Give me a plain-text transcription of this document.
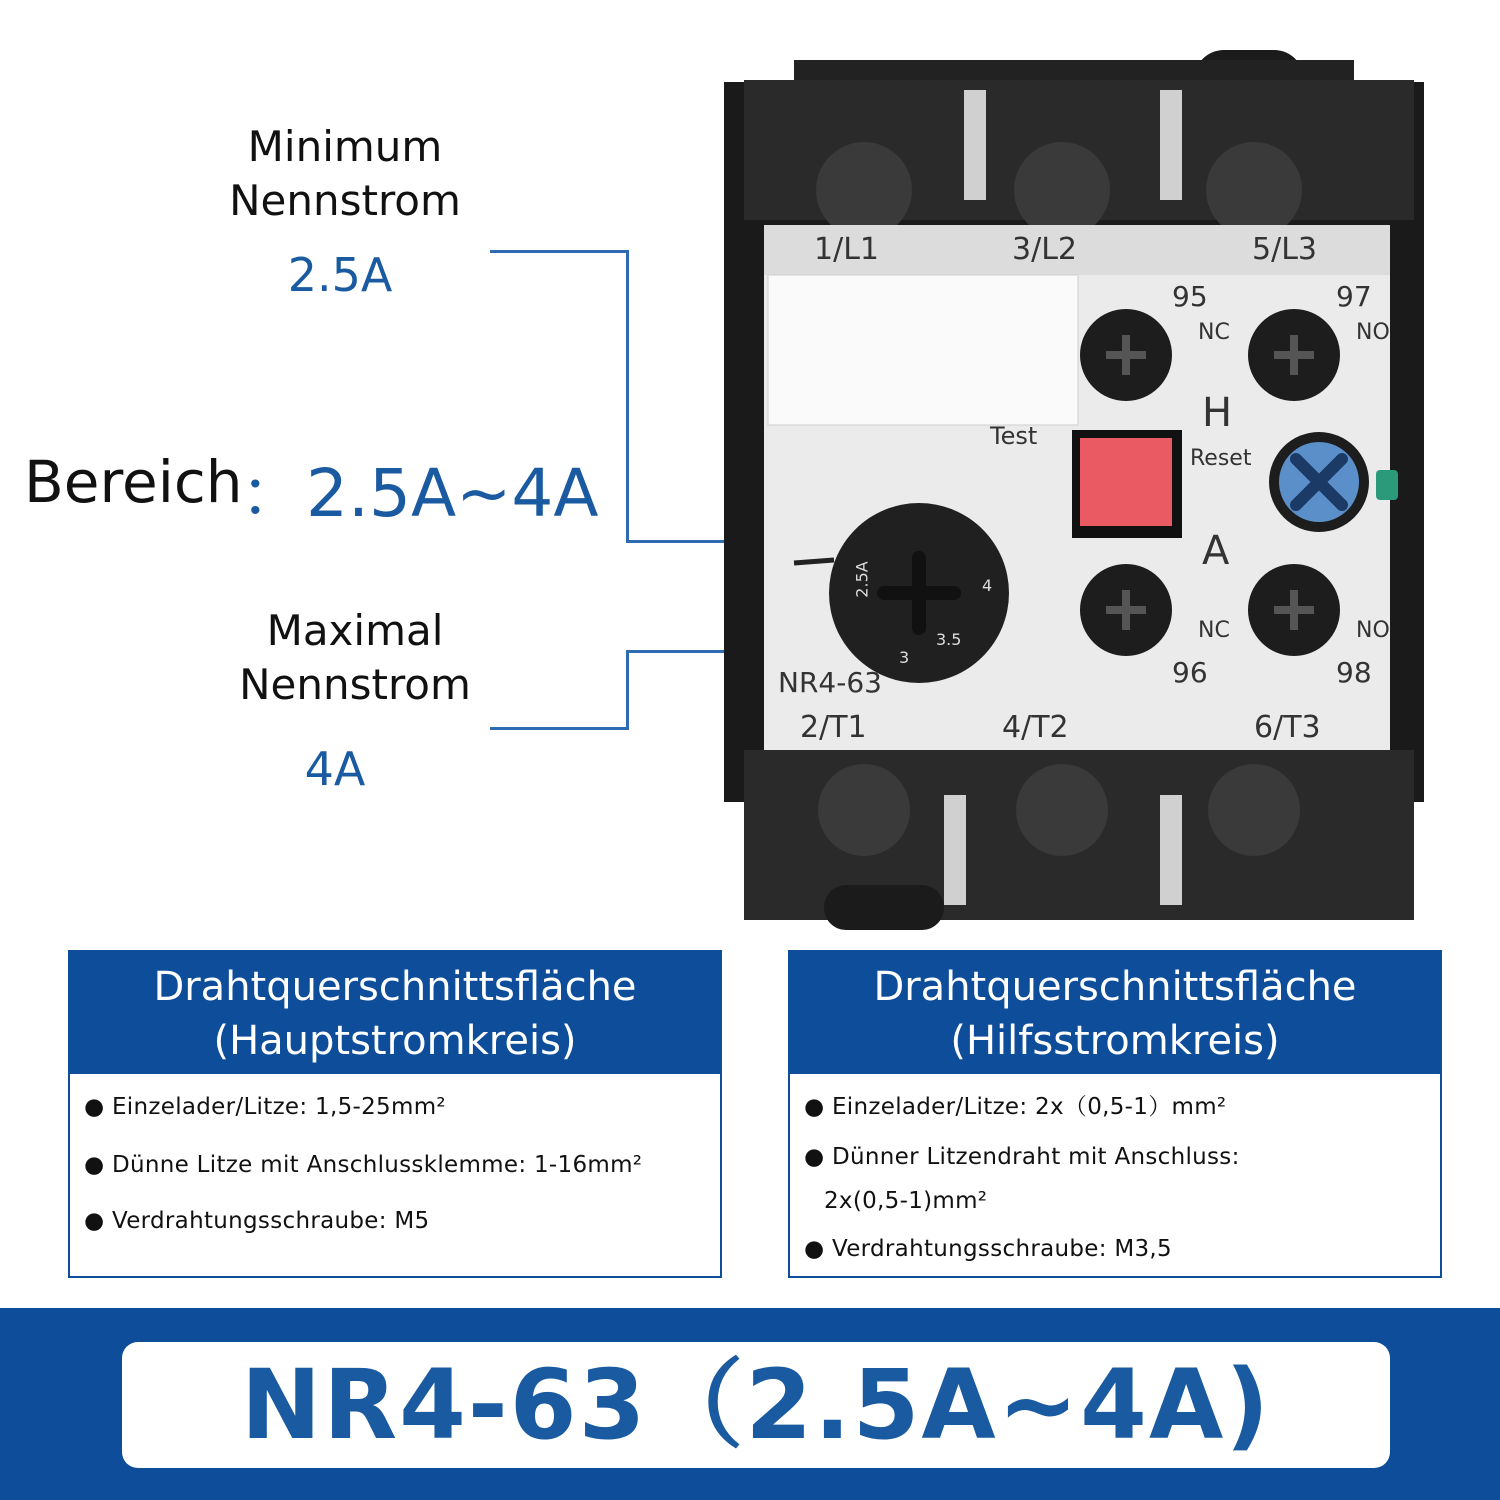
Minimum
Nennstrom
2.5A
Bereich
：2.5A~4A
Maximal
Nennstrom
4A
1/L1	3/L2	5/L3
95	97
NC	NO
H
Test
Reset
A
2.5A
3
3.5
4
NC	NO
96	98
NR4-63
2/T1	4/T2	6/T3
Drahtquerschnittsfläche
(Hauptstromkreis)
● Einzelader/Litze: 1,5-25mm²
● Dünne Litze mit Anschlussklemme: 1-16mm²
● Verdrahtungsschraube: M5
Drahtquerschnittsfläche
(Hilfsstromkreis)
● Einzelader/Litze: 2x（0,5-1）mm²
● Dünner Litzendraht mit Anschluss:
2x(0,5-1)mm²
● Verdrahtungsschraube: M3,5
NR4-63（2.5A~4A)
